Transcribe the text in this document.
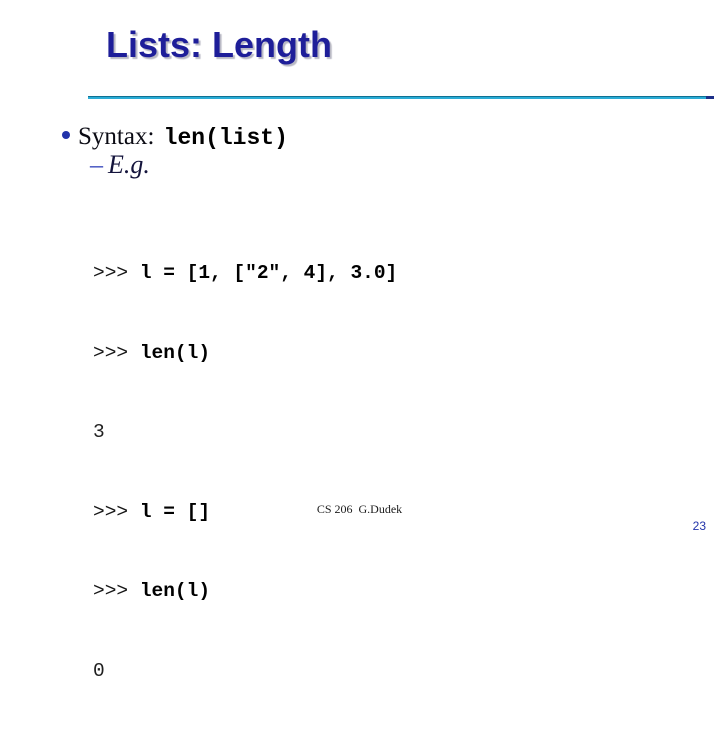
Lists: Length
Syntax: len(list)
– E.g.

>>> l = [1, ["2", 4], 3.0]

>>> len(l)

3

>>> l = []

>>> len(l)

0

CS 206  G.Dudek
23
